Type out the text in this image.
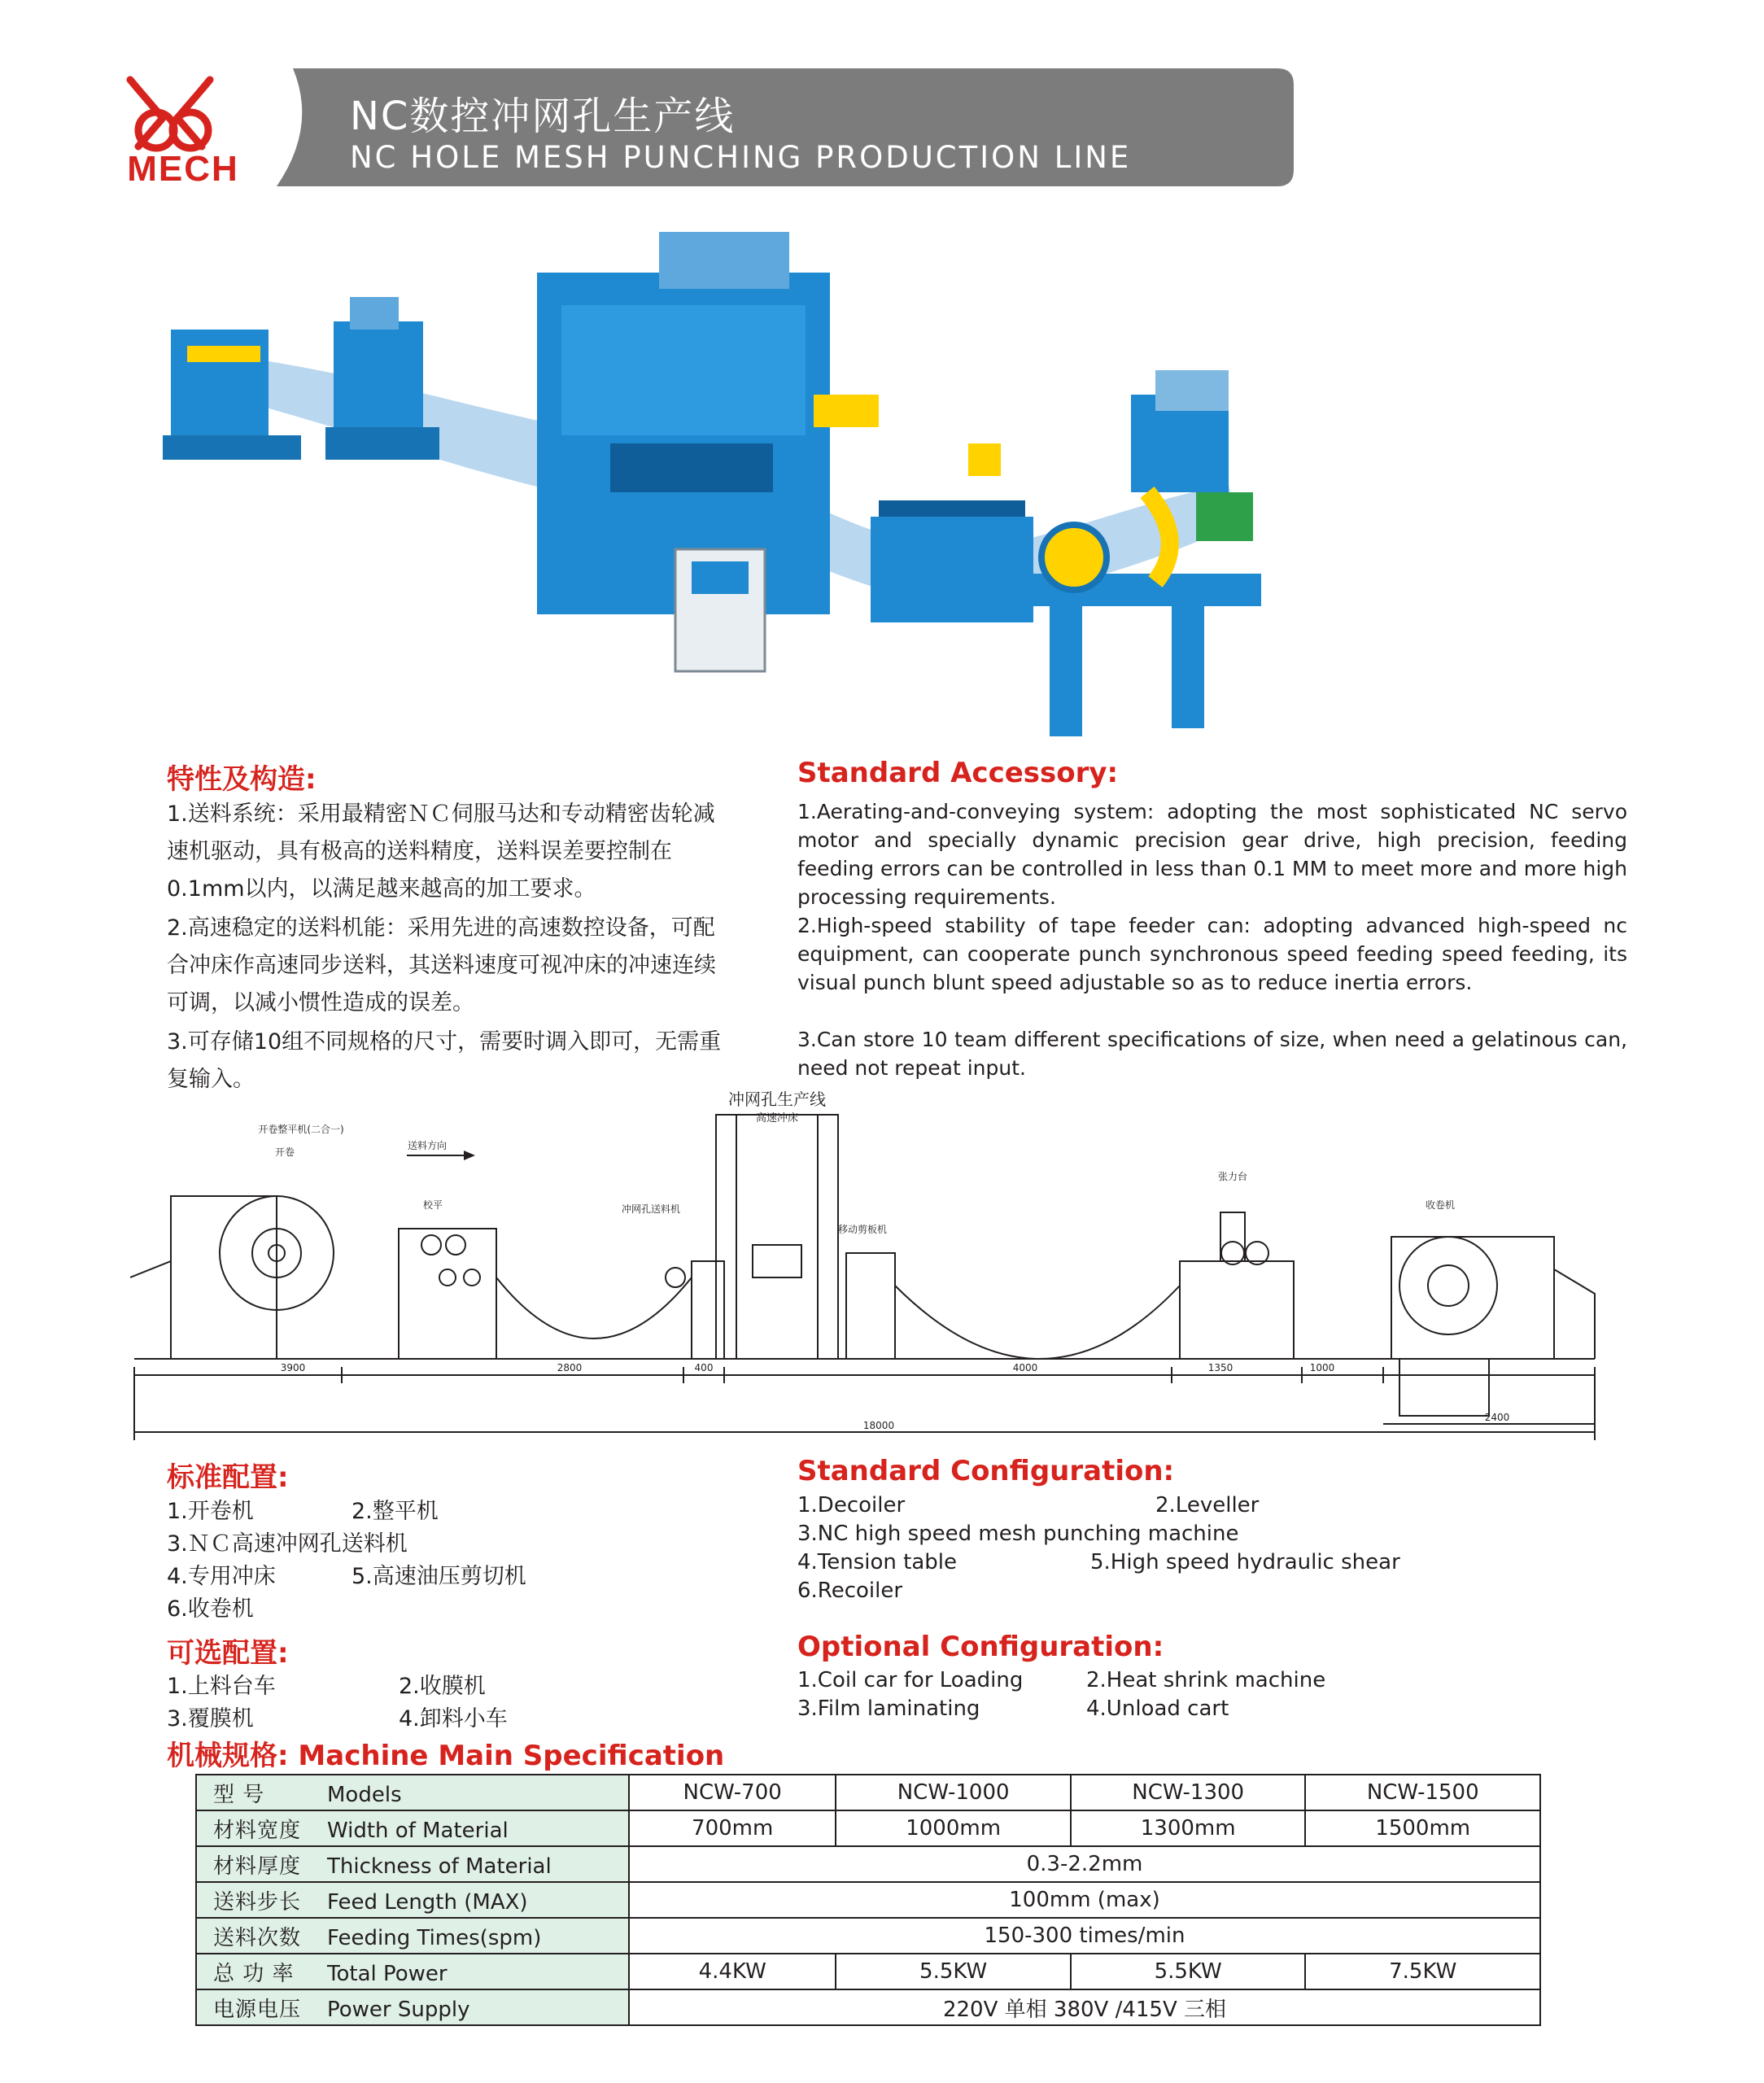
MECH
NC数控冲网孔生产线
NC HOLE MESH PUNCHING PRODUCTION LINE
特性及构造:
1.送料系统：采用最精密ＮＣ伺服马达和专动精密齿轮减速机驱动，具有极高的送料精度，送料误差要控制在0.1mm以内，以满足越来越高的加工要求。
2.高速稳定的送料机能：采用先进的高速数控设备，可配合冲床作高速同步送料，其送料速度可视冲床的冲速连续可调，以减小惯性造成的误差。
3.可存储10组不同规格的尺寸，需要时调入即可，无需重复输入。
Standard Accessory:
1.Aerating-and-conveying system: adopting the most sophisticated NC servo motor and specially dynamic precision gear drive, high precision, feeding feeding errors can be controlled in less than 0.1 MM to meet more and more high processing requirements.
2.High-speed stability of tape feeder can: adopting advanced high-speed nc equipment, can cooperate punch synchronous speed feeding speed feeding, its visual punch blunt speed adjustable so as to reduce inertia errors.
3.Can store 10 team different specifications of size, when need a gelatinous can, need not repeat input.
冲网孔生产线
高速冲床
开卷整平机(二合一)
开卷
送料方向
校平	冲网孔送料机
移动剪板机
张力台
收卷机
3900	2800	400	4000	1350	1000
2400
18000
标准配置:
1.开卷机	2.整平机
3.ＮＣ高速冲网孔送料机
4.专用冲床	5.高速油压剪切机
6.收卷机
Standard Configuration:
1.Decoiler	2.Leveller
3.NC high speed mesh punching machine
4.Tension table	5.High speed hydraulic shear
6.Recoiler
可选配置:
1.上料台车	2.收膜机
3.覆膜机	4.卸料小车
Optional Configuration:
1.Coil car for Loading	2.Heat shrink machine
3.Film laminating	4.Unload cart
机械规格: Machine Main Specification
型 号 Models	NCW-700	NCW-1000	NCW-1300	NCW-1500
材料宽度 Width of Material	700mm	1000mm	1300mm	1500mm
材料厚度 Thickness of Material	0.3-2.2mm			
送料步长 Feed Length (MAX)	100mm (max)			
送料次数 Feeding Times(spm)	150-300 times/min			
总 功 率 Total Power	4.4KW	5.5KW	5.5KW	7.5KW
电源电压 Power Supply	220V 单相 380V /415V 三相			
